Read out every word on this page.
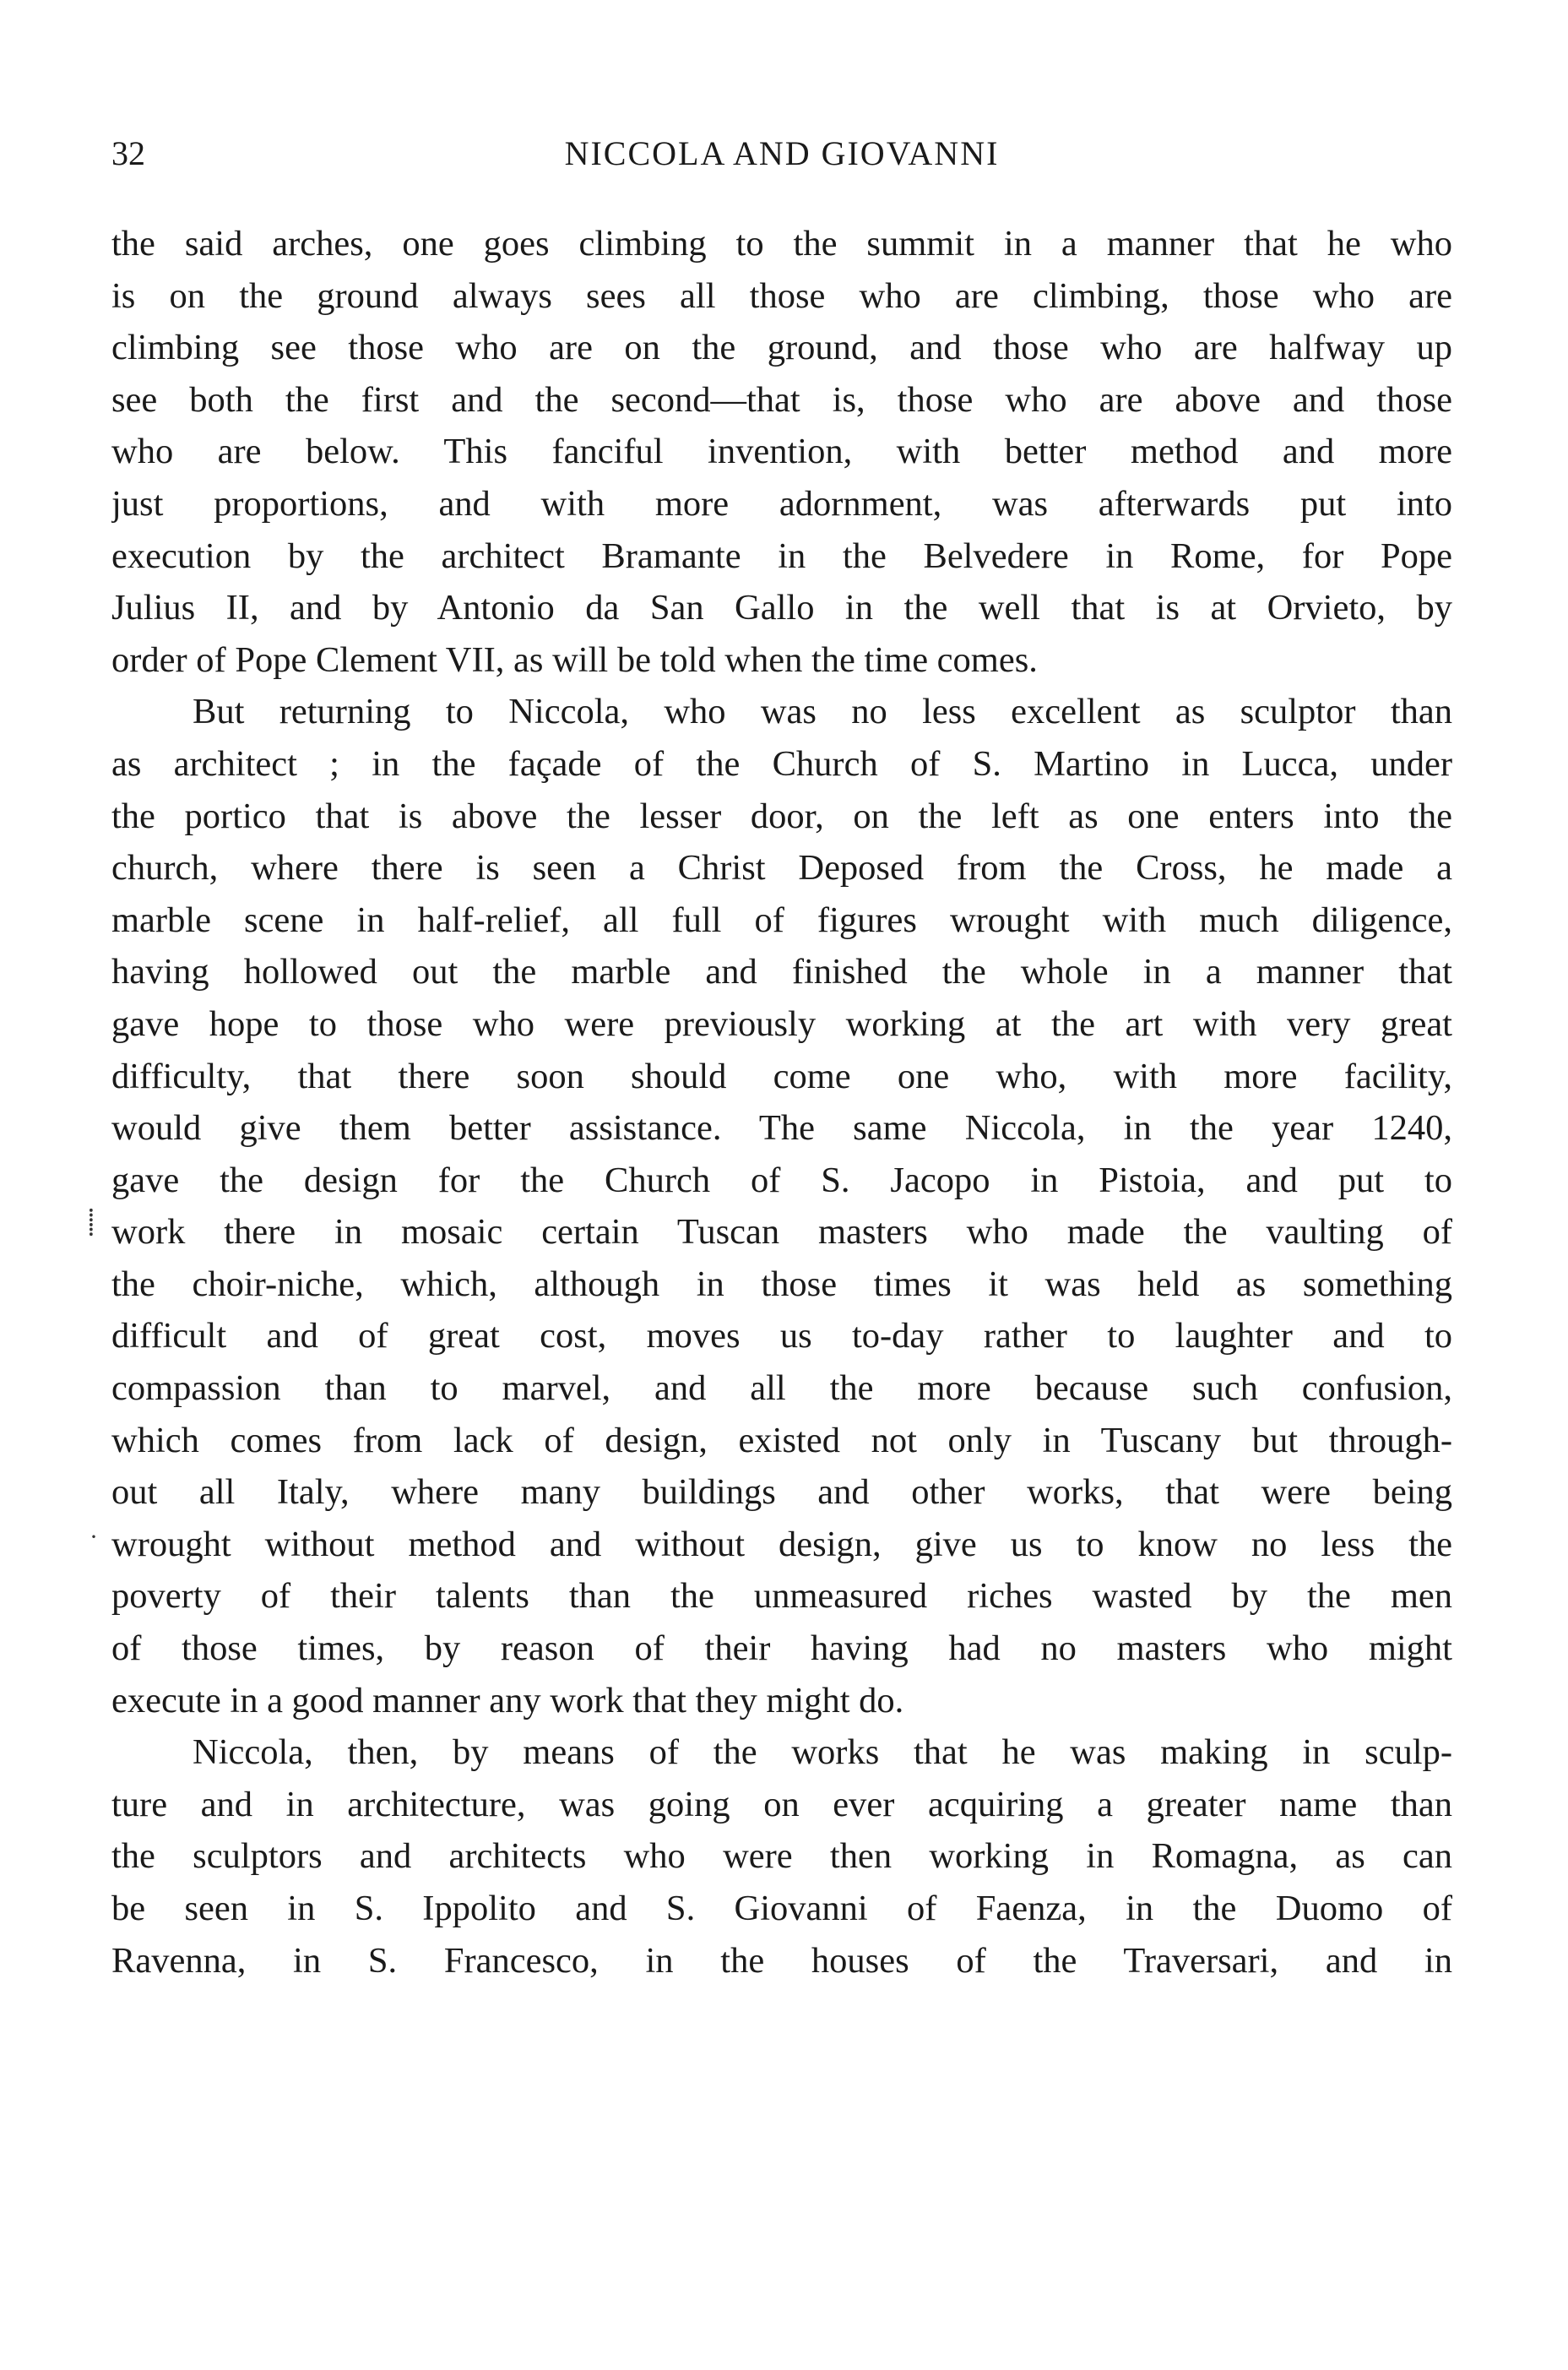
32	NICCOLA AND GIOVANNI
the said arches, one goes climbing to the summit in a manner that he who
is on the ground always sees all those who are climbing, those who are
climbing see those who are on the ground, and those who are halfway up
see both the first and the second—that is, those who are above and those
who are below. This fanciful invention, with better method and more
just proportions, and with more adornment, was afterwards put into
execution by the architect Bramante in the Belvedere in Rome, for Pope
Julius II, and by Antonio da San Gallo in the well that is at Orvieto, by
order of Pope Clement VII, as will be told when the time comes.
But returning to Niccola, who was no less excellent as sculptor than
as architect ; in the façade of the Church of S. Martino in Lucca, under
the portico that is above the lesser door, on the left as one enters into the
church, where there is seen a Christ Deposed from the Cross, he made a
marble scene in half-relief, all full of figures wrought with much diligence,
having hollowed out the marble and finished the whole in a manner that
gave hope to those who were previously working at the art with very great
difficulty, that there soon should come one who, with more facility,
would give them better assistance. The same Niccola, in the year 1240,
gave the design for the Church of S. Jacopo in Pistoia, and put to
work there in mosaic certain Tuscan masters who made the vaulting of
the choir-niche, which, although in those times it was held as something
difficult and of great cost, moves us to-day rather to laughter and to
compassion than to marvel, and all the more because such confusion,
which comes from lack of design, existed not only in Tuscany but through-
out all Italy, where many buildings and other works, that were being
wrought without method and without design, give us to know no less the
poverty of their talents than the unmeasured riches wasted by the men
of those times, by reason of their having had no masters who might
execute in a good manner any work that they might do.
Niccola, then, by means of the works that he was making in sculp-
ture and in architecture, was going on ever acquiring a greater name than
the sculptors and architects who were then working in Romagna, as can
be seen in S. Ippolito and S. Giovanni of Faenza, in the Duomo of
Ravenna, in S. Francesco, in the houses of the Traversari, and in
⸽
·
